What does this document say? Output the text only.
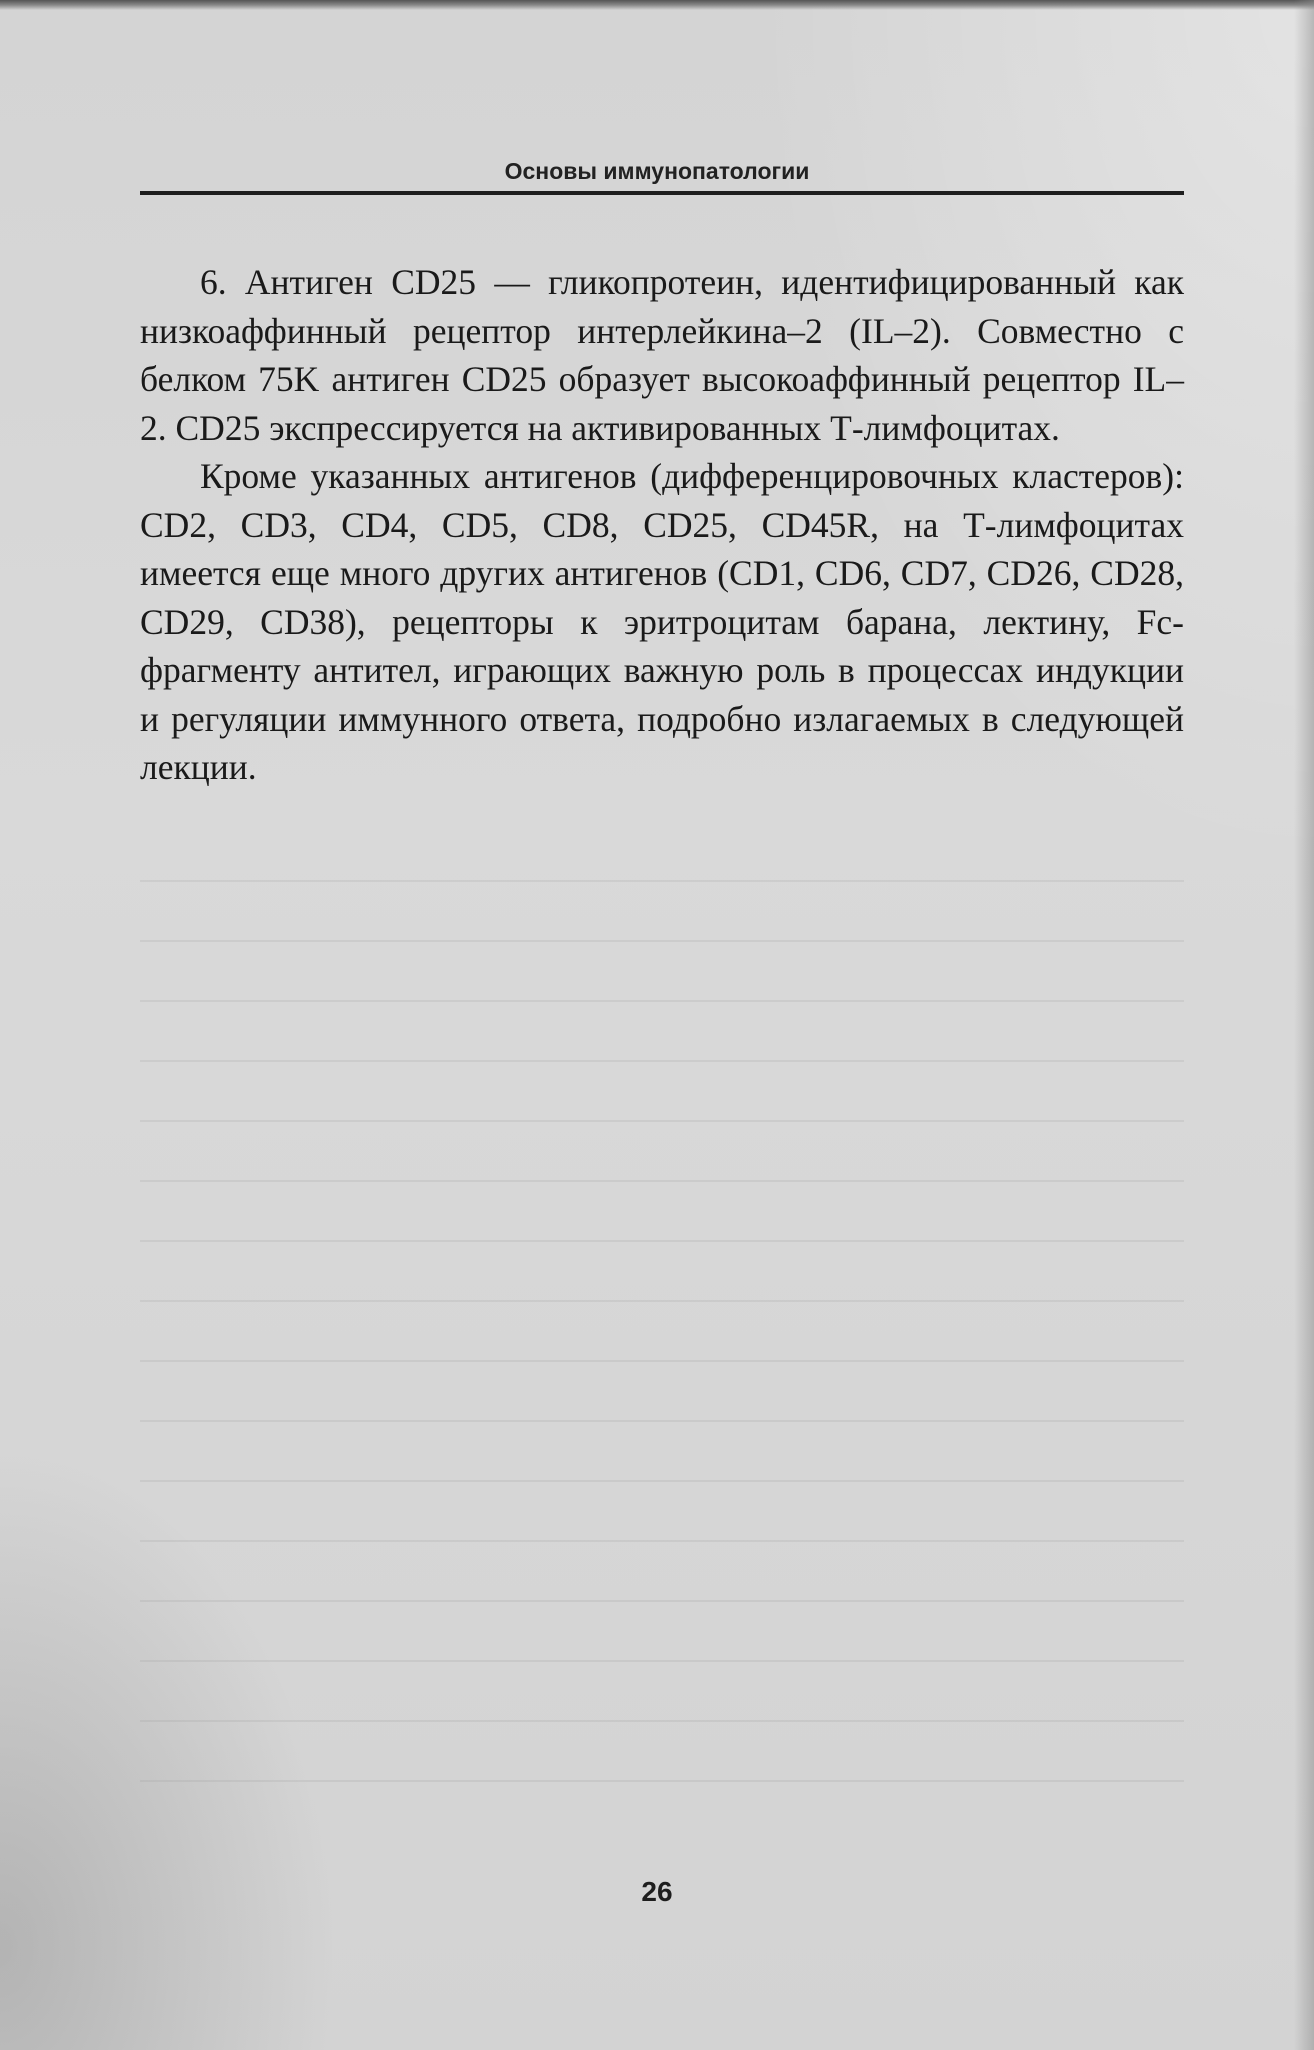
Основы иммунопатологии

6. Антиген CD25 — гликопротеин, идентифицированный как низкоаффинный рецептор интерлейкина–2 (IL–2). Совместно с белком 75K антиген CD25 образует высокоаффинный рецептор IL–2. CD25 экспрессируется на активированных Т-лимфоцитах.

Кроме указанных антигенов (дифференцировочных кластеров): CD2, CD3, CD4, CD5, CD8, CD25, CD45R, на Т-лимфоцитах имеется еще много других антигенов (CD1, CD6, CD7, CD26, CD28, CD29, CD38), рецепторы к эритроцитам барана, лектину, Fc-фрагменту антител, играющих важную роль в процессах индукции и регуляции иммунного ответа, подробно излагаемых в следующей лекции.

26
